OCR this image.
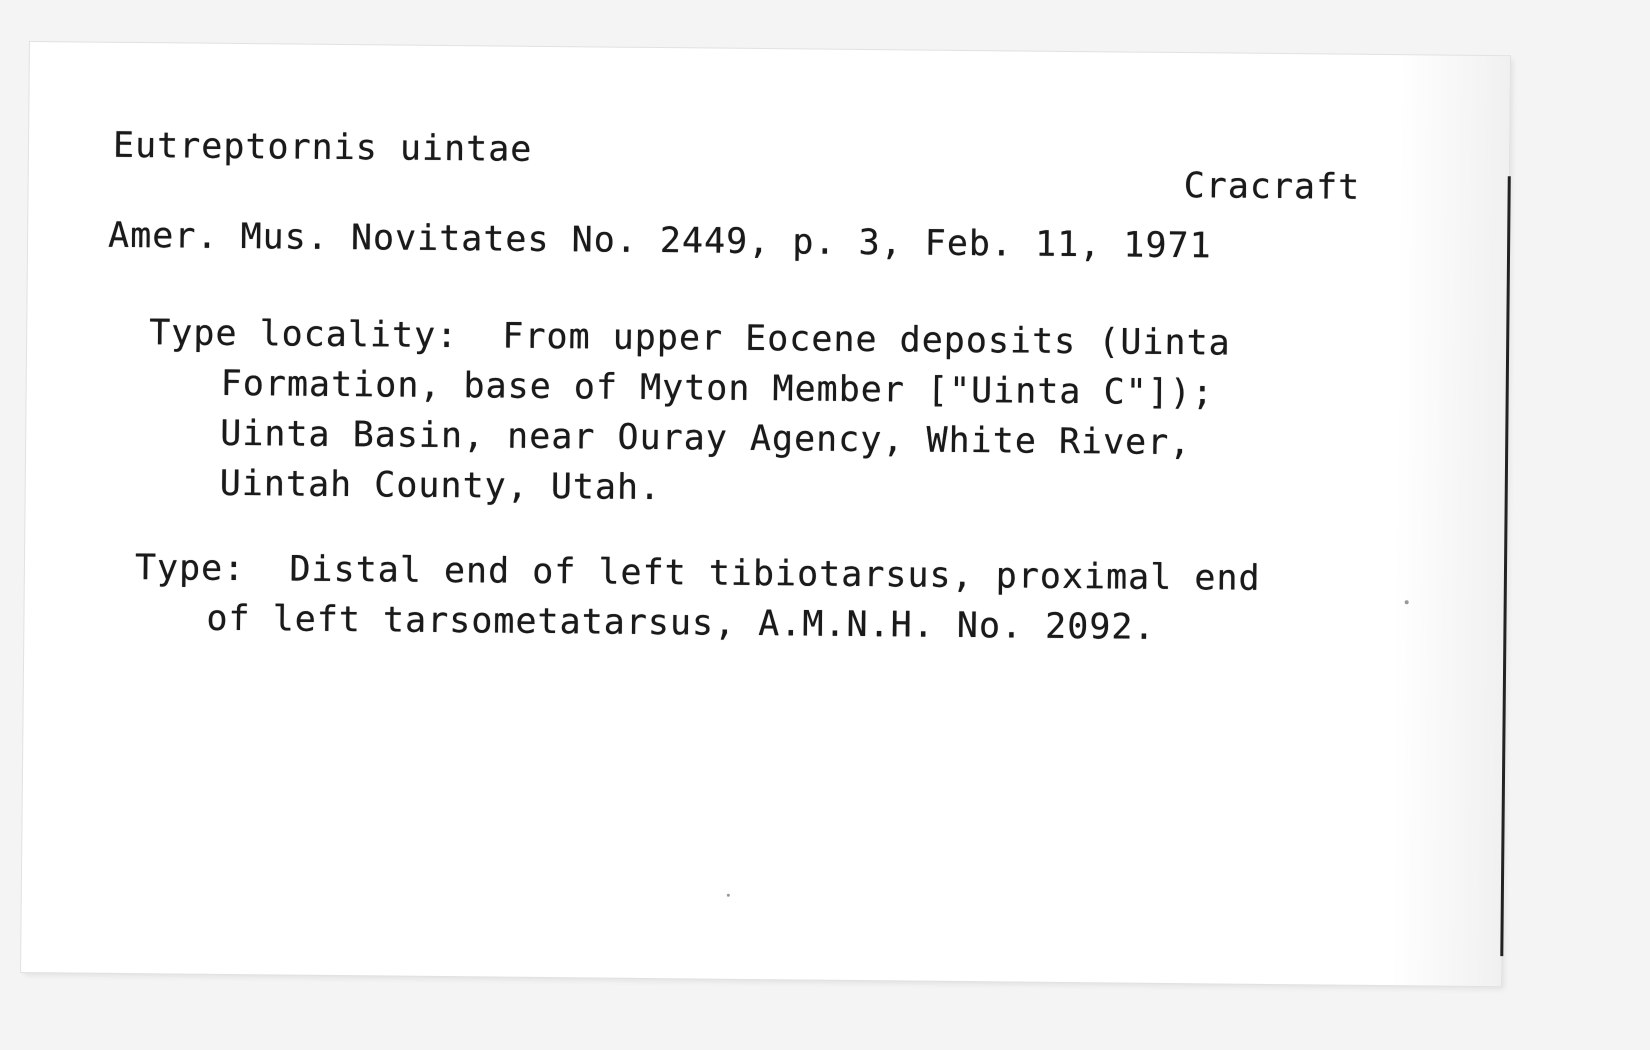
Eutreptornis uintae
Cracraft
Amer. Mus. Novitates No. 2449, p. 3, Feb. 11, 1971
Type locality: From upper Eocene deposits (Uinta
Formation, base of Myton Member ["Uinta C"]);
Uinta Basin, near Ouray Agency, White River,
Uintah County, Utah.
Type: Distal end of left tibiotarsus, proximal end
of left tarsometatarsus, A.M.N.H. No. 2092.
